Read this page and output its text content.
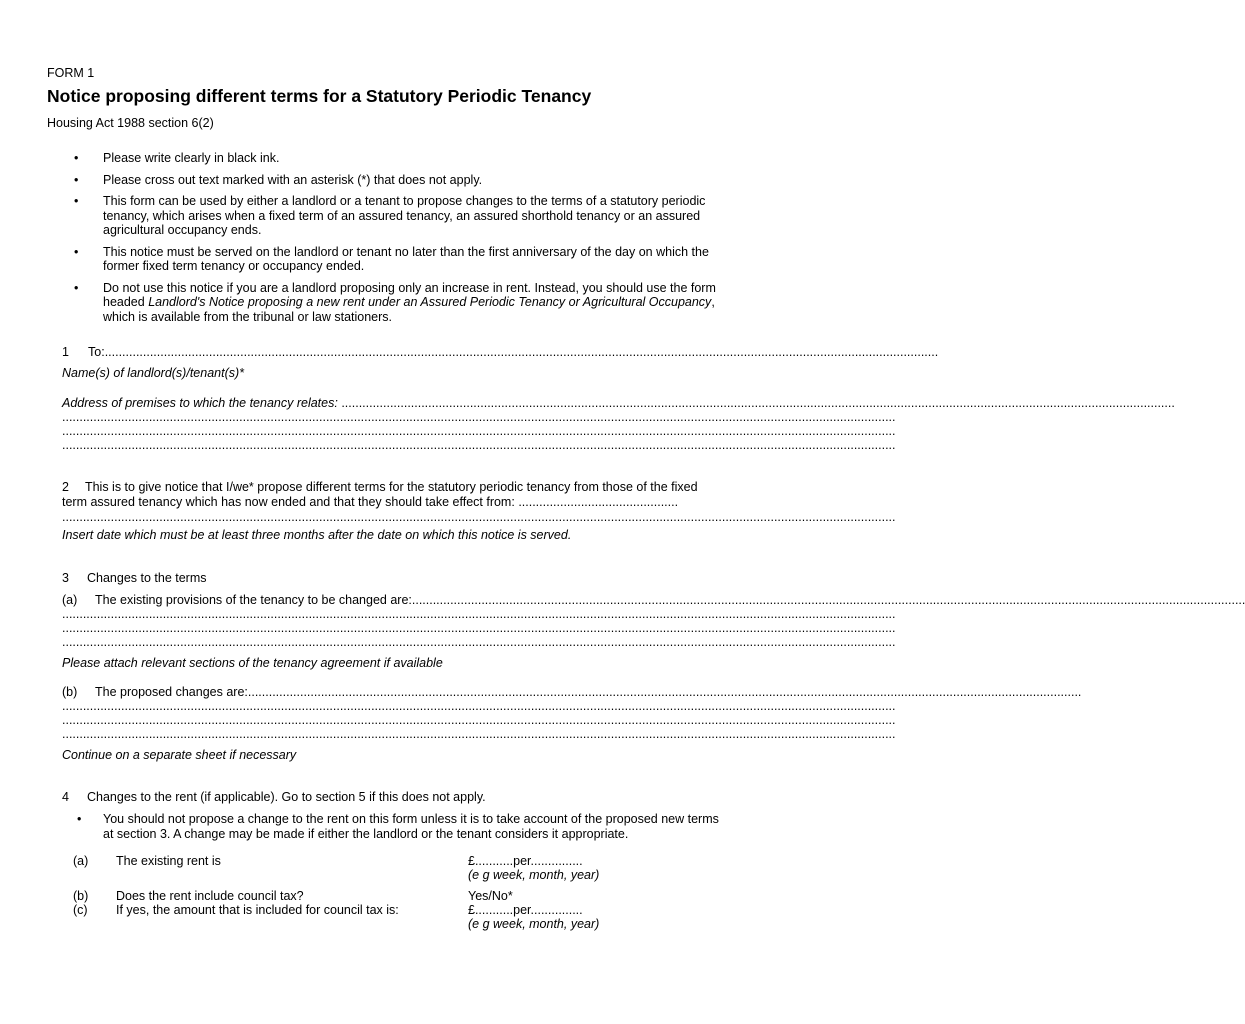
FORM 1
Notice proposing different terms for a Statutory Periodic Tenancy
Housing Act 1988 section 6(2)
• Please write clearly in black ink.
• Please cross out text marked with an asterisk (*) that does not apply.
• This form can be used by either a landlord or a tenant to propose changes to the terms of a statutory periodic tenancy, which arises when a fixed term of an assured tenancy, an assured shorthold tenancy or an assured agricultural occupancy ends.
• This notice must be served on the landlord or tenant no later than the first anniversary of the day on which the former fixed term tenancy or occupancy ended.
• Do not use this notice if you are a landlord proposing only an increase in rent. Instead, you should use the form headed Landlord's Notice proposing a new rent under an Assured Periodic Tenancy or Agricultural Occupancy, which is available from the tribunal or law stationers.
1 To:................................................................................................................................................................................................................................................
Name(s) of landlord(s)/tenant(s)*
Address of premises to which the tenancy relates: ................................................................................................................................................................................................................................................
................................................................................................................................................................................................................................................
................................................................................................................................................................................................................................................
................................................................................................................................................................................................................................................
2 This is to give notice that I/we* propose different terms for the statutory periodic tenancy from those of the fixed term assured tenancy which has now ended and that they should take effect from: ..............................................
................................................................................................................................................................................................................................................
Insert date which must be at least three months after the date on which this notice is served.
3 Changes to the terms
(a) The existing provisions of the tenancy to be changed are:................................................................................................................................................................................................................................................
................................................................................................................................................................................................................................................
................................................................................................................................................................................................................................................
................................................................................................................................................................................................................................................
Please attach relevant sections of the tenancy agreement if available
(b) The proposed changes are:................................................................................................................................................................................................................................................
................................................................................................................................................................................................................................................
................................................................................................................................................................................................................................................
................................................................................................................................................................................................................................................
Continue on a separate sheet if necessary
4 Changes to the rent (if applicable). Go to section 5 if this does not apply.
• You should not propose a change to the rent on this form unless it is to take account of the proposed new terms at section 3. A change may be made if either the landlord or the tenant considers it appropriate.
(a) The existing rent is	£...........per...............
(e g week, month, year)
(b) Does the rent include council tax?	Yes/No*
(c) If yes, the amount that is included for council tax is:	£...........per...............
(e g week, month, year)
